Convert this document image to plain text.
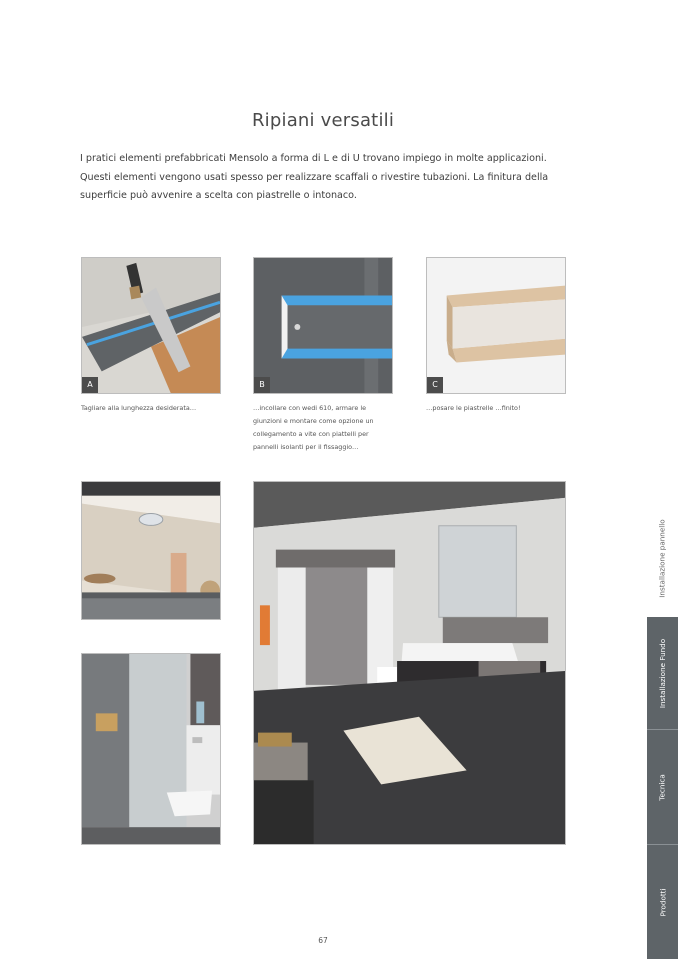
Ripiani versatili

I pratici elementi prefabbricati Mensolo a forma di L e di U trovano impiego in molte applicazioni. Questi elementi vengono usati spesso per realizzare scaffali o rivestire tubazioni. La finitura della superficie può avvenire a scelta con piastrelle o intonaco.

A	B	C

Tagliare alla lunghezza desiderata…	…incollare con wedi 610, armare le giunzioni e montare come opzione un collegamento a vite con piattelli per pannelli isolanti per il fissaggio…

…posare le piastrelle …finito!

Installazione pannello
Installazione Fundo
Tecnica
Prodotti
67
